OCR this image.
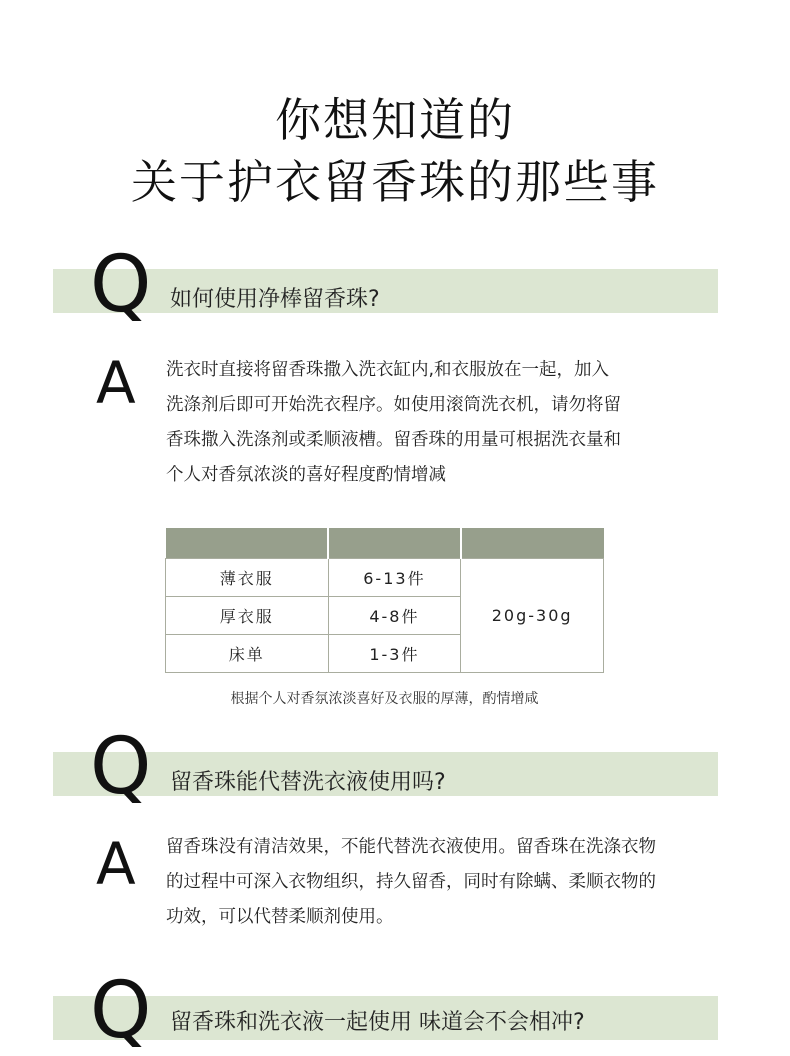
你想知道的
关于护衣留香珠的那些事
Q 如何使用净棒留香珠?
A 洗衣时直接将留香珠撒入洗衣缸内,和衣服放在一起，加入

洗涤剂后即可开始洗衣程序。如使用滚筒洗衣机，请勿将留

香珠撒入洗涤剂或柔顺液槽。留香珠的用量可根据洗衣量和

个人对香氛浓淡的喜好程度酌情增减

薄衣服	6-13件	20g-30g
厚衣服	4-8件	
床单	1-3件	
根据个人对香氛浓淡喜好及衣服的厚薄，酌情增咸
Q 留香珠能代替洗衣液使用吗?
A 留香珠没有清洁效果，不能代替洗衣液使用。留香珠在洗涤衣物

的过程中可深入衣物组织，持久留香，同时有除螨、柔顺衣物的

功效，可以代替柔顺剂使用。

Q 留香珠和洗衣液一起使用 味道会不会相冲?
